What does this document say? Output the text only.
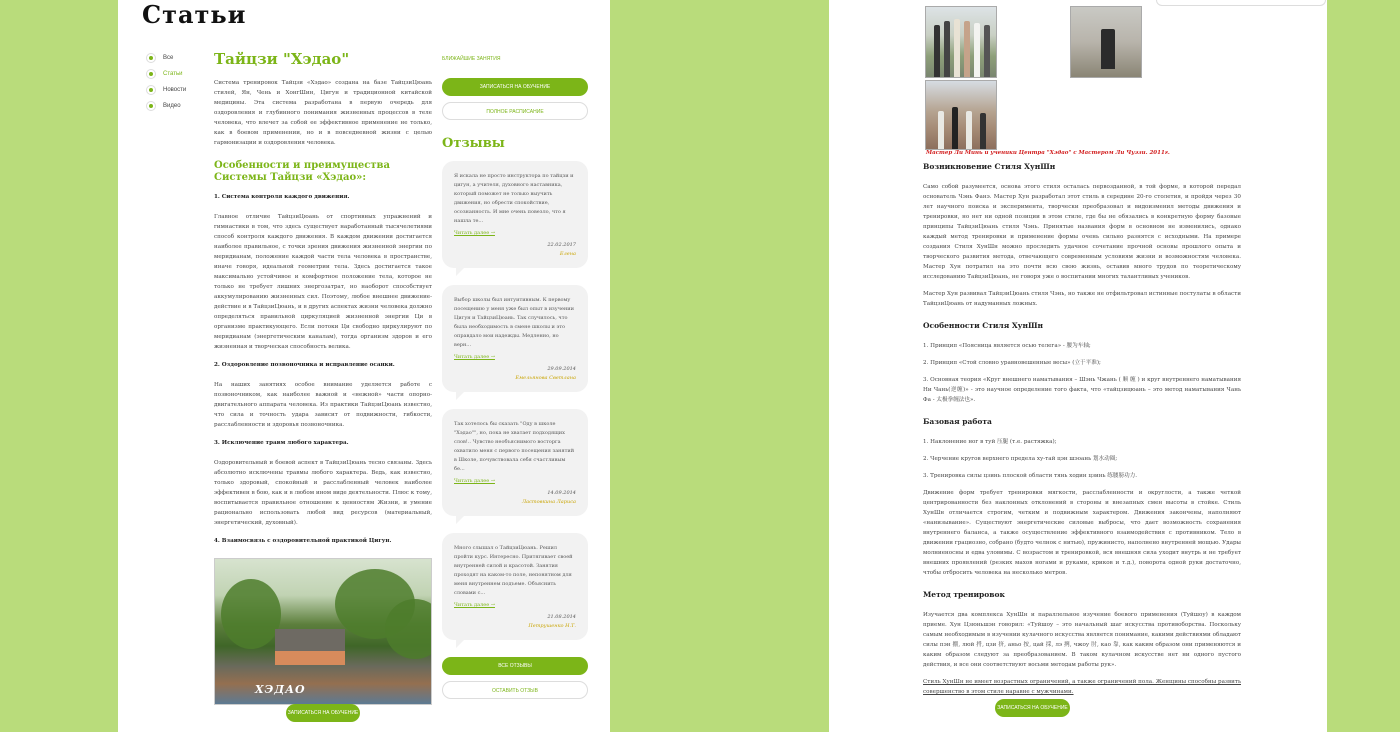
Статьи
Все
Статьи
Новости
Видео
Тайцзи "Хэдао"

Система тренировок Тайцзи «Хэдао» создана на базе ТайцзиЦюань стилей, Ян, Чень и ХонгШин, Цигун и традиционной китайской медицины. Эта система разработана в первую очередь для оздоровления и глубинного понимания жизненных процессов в теле человека, что влечет за собой ее эффективное применение не только, как в боевом применении, но и в повседневной жизни с целью гармонизации и оздоровления человека.

Особенности и преимущества Системы Тайцзи «Хэдао»:
1. Система контроля каждого движения.

Главное отличие ТайцзиЦюань от спортивных упражнений и гимнастики в том, что здесь существует наработанный тысячелетиями способ контроля каждого движения. В каждом движении достигается наиболее правильное, с точки зрения движения жизненной энергии по меридианам, положение каждой части тела человека в пространстве, иначе говоря, идеальной геометрии тела. Здесь достигается такое максимально устойчивое и комфортное положение тела, которое не только не требует лишних энергозатрат, но наоборот способствует аккумулированию жизненных сил. Поэтому, любое внешнее движение-действие и в ТайцзиЦюань, и в других аспектах жизни человека должно определяться правильной циркуляцией жизненной энергии Ци в организме практикующего. Если потоки Ци свободно циркулируют по меридианам (энергетическим каналам), тогда организм здоров и его жизненная и творческая способность велика.

2. Оздоровление позвоночника и исправление осанки.

На наших занятиях особое внимание уделяется работе с позвоночником, как наиболее важной и «нежной» части опорно-двигательного аппарата человека. Из практики ТайцзиЦюань известно, что сила и точность удара зависит от подвижности, гибкости, расслабленности и здоровья позвоночника.

3. Исключение травм любого характера.

Оздоровительный и боевой аспект в ТайцзиЦюань тесно связаны. Здесь абсолютно исключены травмы любого характера. Ведь, как известно, только здоровый, спокойный и расслабленный человек наиболее эффективен в бою, как и в любом ином виде деятельности. Плюс к тому, воспитывается правильное отношение к ценностям Жизни, и умение рационально использовать любой вид ресурсов (материальный, энергетический, духовный).

4. Взаимосвязь с оздоровительной практикой Цигун.

ХЭДАО
ЗАПИСАТЬСЯ НА ОБУЧЕНИЕ
БЛИЖАЙШИЕ ЗАНЯТИЯ
ЗАПИСАТЬСЯ НА ОБУЧЕНИЕ
ПОЛНОЕ РАСПИСАНИЕ
Отзывы
Я искала не просто инструктора по тайцзи и цигун, а учителя, духовного наставника, который поможет не только выучить движения, но обрести спокойствие, осознанность. И мне очень повезло, что я нашла те...
Читать далее →
22.02.2017
Елена
Выбор школы был интуитивным. К первому посещению у меня уже был опыт в изучении Цигун и ТайцзиЦюань. Так случилось, что была необходимость в смене школы и это оправдало мои надежды. Медленно, но верн...
Читать далее →
29.09.2014
Емельянова Светлана
Так хотелось бы сказать "Оду в школе "Хэдао"", но, пока не хватает подходящих слов!.. Чувство необъяснимого восторга охватило меня с первого посещения занятий в Школе, почувствовала себя счастливым бе...
Читать далее →
14.09.2014
Ластовкина Лариса
Много слышал о ТайцзиЦюань. Решил пройти курс. Интересно. Притягивает своей внутренней силой и красотой. Занятия проходят на каком-то поле, непонятном для меня внутреннем подъеме. Объяснить словами с...
Читать далее →
21.08.2014
Петрушенко Н.Т.
ВСЕ ОТЗЫВЫ
ОСТАВИТЬ ОТЗЫВ
Мастер Ли Минь и ученики Центра "Хэдао" с Мастером Ли Чуэзи. 2011г.
Возникновение Стиля ХунШн

Само собой разумеется, основа этого стиля осталась первозданной, в той форме, в которой передал основатель Чэнь Фанэ. Мастер Хун разработал этот стиль в середине 20-го столетия, и пройдя через 30 лет научного поиска и эксперимента, творчески преобразовал и видоизменил методы движения и тренировки, но нет ни одной позиции в этом стиле, где бы не обязались в конкретную форму базовые принципы ТайцзиЦюань стиля Чэнь. Принятые названия форм в основном не изменились, однако каждый метод тренировки и применение формы очень сильно разнятся с исходными. На примере создания Стиля ХунШн можно проследить удачное сочетание прочной основы прошлого опыта и творческого развития метода, отвечающего современным условиям жизни и возможностям человека. Мастер Хун потратил на это почти всю свою жизнь, оставив много трудов по теоретическому исследованию ТайцзиЦюань, не говоря уже о воспитании многих талантливых учеников.

Мастер Хун развивал ТайцзиЦюань стиля Чэнь, но также не отфильтровал истинные постулаты в области ТайцзиЦюань от надуманных ложных.

Особенности Стиля ХунШн

1. Принцип «Поясница является осью телега» - 腰为车轴;

2. Принцип «Стой словно уравновешенные весы» (立于平准);

3. Основная теория «Круг внешнего наматывания – Шэнь Чжань ( 顺 缠 ) и круг внутреннего наматывания Ни Чань(逆缠)» - это научное определение того факта, что «тайцзицюань – это метод наматывания Чань Фа - 太极拳缠法也».

Базовая работа

1. Наклонение ног в туй 压腿 (т.е. растяжка);

2. Черчение кругов верхнего предела ху-тай цэн шэоань 划水动圈;

3. Тренировка силы цзинь плоской области тянь ходин цзинь 练腰膀功力.

Движение форм требует тренировки мягкости, расслабленности и округлости, а также четкой центрированности без наклонных отклонений в стороны и внезапных смен высоты в стойке. Стиль ХунШн отличается строгим, четким и подвижным характером. Движения закончены, наполняют «нанизывание». Существуют энергетические силовые выбросы, что дает возможность сохранения внутреннего баланса, а также осуществление эффективного взаимодействия с противником. Тело в движении грациозно, собрано (будто челнок с нитью), пружинисто, наполнено внутренней мощью. Удары молниеносны и едва уловимы. С возрастом и тренировкой, вся внешняя сила уходит внутрь и не требует внешних проявлений (резких махов ногами и руками, криков и т.д.), поворота одной руки достаточно, чтобы отбросить человека на несколько метров.

Метод тренировок

Изучается два комплекса ХунШн и параллельное изучение боевого применения (Туйшоу) в каждом приеме. Хун Цзюньшэн говорил: «Туйшоу – это начальный шаг искусства противоборства. Поскольку самым необходимым в изучении кулачного искусства является понимание, какими действиями обладают силы пэн 掤, люй 捋, цзи 挤, аньо 按, цай 採, лэ 挒, чжоу 肘, као 靠, как каким образом они применяются и каким образом следуют за преобразованием. В таком кулачном искусстве нет ни одного пустого действия, и все они соответствуют восьми методам работы рук».

Стиль ХунШн не имеет возрастных ограничений, а также ограничений пола. Женщины способны развить совершенство в этом стиле наравне с мужчинами.

ЗАПИСАТЬСЯ НА ОБУЧЕНИЕ
